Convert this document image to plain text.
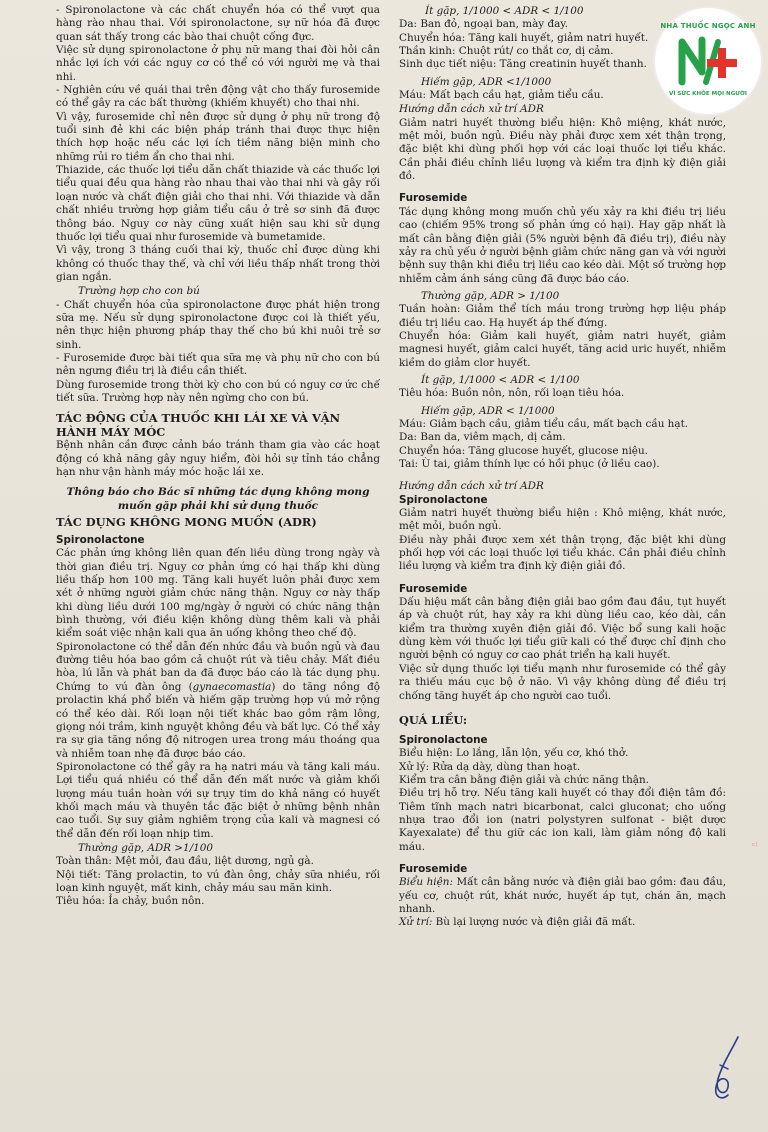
- Spironolactone và các chất chuyển hóa có thể vượt qua hàng rào nhau thai. Với spironolactone, sự nữ hóa đã được quan sát thấy trong các bào thai chuột cống đực.

Việc sử dụng spironolactone ở phụ nữ mang thai đòi hỏi cân nhắc lợi ích với các nguy cơ có thể có với người mẹ và thai nhi.

- Nghiên cứu về quái thai trên động vật cho thấy furosemide có thể gây ra các bất thường (khiếm khuyết) cho thai nhi.

Vì vậy, furosemide chỉ nên được sử dụng ở phụ nữ trong độ tuổi sinh đẻ khi các biện pháp tránh thai được thực hiện thích hợp hoặc nếu các lợi ích tiềm năng biện minh cho những rủi ro tiềm ẩn cho thai nhi.

Thiazide, các thuốc lợi tiểu dẫn chất thiazide và các thuốc lợi tiểu quai đều qua hàng rào nhau thai vào thai nhi và gây rối loạn nước và chất điện giải cho thai nhi. Với thiazide và dẫn chất nhiều trường hợp giảm tiểu cầu ở trẻ sơ sinh đã được thông báo. Nguy cơ này cũng xuất hiện sau khi sử dụng thuốc lợi tiểu quai như furosemide và bumetamide.

Vì vậy, trong 3 tháng cuối thai kỳ, thuốc chỉ được dùng khi không có thuốc thay thế, và chỉ với liều thấp nhất trong thời gian ngắn.

Trường hợp cho con bú

- Chất chuyển hóa của spironolactone được phát hiện trong sữa mẹ. Nếu sử dụng spironolactone được coi là thiết yếu, nên thực hiện phương pháp thay thế cho bú khi nuôi trẻ sơ sinh.

- Furosemide được bài tiết qua sữa mẹ và phụ nữ cho con bú nên ngưng điều trị là điều cần thiết.

Dùng furosemide trong thời kỳ cho con bú có nguy cơ ức chế tiết sữa. Trường hợp này nên ngừng cho con bú.

TÁC ĐỘNG CỦA THUỐC KHI LÁI XE VÀ VẬN HÀNH MÁY MÓC

Bệnh nhân cần được cảnh báo tránh tham gia vào các hoạt động có khả năng gây nguy hiểm, đòi hỏi sự tỉnh táo chẳng hạn như vận hành máy móc hoặc lái xe.

Thông báo cho Bác sĩ những tác dụng không mong muốn gặp phải khi sử dụng thuốc

TÁC DỤNG KHÔNG MONG MUỐN (ADR)

Spironolactone

Các phản ứng không liên quan đến liều dùng trong ngày và thời gian điều trị. Nguy cơ phản ứng có hại thấp khi dùng liều thấp hơn 100 mg. Tăng kali huyết luôn phải được xem xét ở những người giảm chức năng thận. Nguy cơ này thấp khi dùng liều dưới 100 mg/ngày ở người có chức năng thận bình thường, với điều kiện không dùng thêm kali và phải kiểm soát việc nhận kali qua ăn uống không theo chế độ.

Spironolactone có thể dẫn đến nhức đầu và buồn ngủ và đau đường tiêu hóa bao gồm cả chuột rút và tiêu chảy. Mất điều hòa, lú lẫn và phát ban da đã được báo cáo là tác dụng phụ. Chứng to vú đàn ông (gynaecomastia) do tăng nồng độ prolactin khá phổ biến và hiếm gặp trường hợp vú mở rộng có thể kéo dài. Rối loạn nội tiết khác bao gồm rậm lông, giọng nói trầm, kinh nguyệt không đều và bất lực. Có thể xảy ra sự gia tăng nồng độ nitrogen urea trong máu thoáng qua và nhiễm toan nhẹ đã được báo cáo.

Spironolactone có thể gây ra hạ natri máu và tăng kali máu. Lợi tiểu quá nhiều có thể dẫn đến mất nước và giảm khối lượng máu tuần hoàn với sự trụy tim do khả năng có huyết khối mạch máu và thuyên tắc đặc biệt ở những bệnh nhân cao tuổi. Sự suy giảm nghiêm trọng của kali và magnesi có thể dẫn đến rối loạn nhịp tim.

Thường gặp, ADR >1/100

Toàn thân: Mệt mỏi, đau đầu, liệt dương, ngủ gà.

Nội tiết: Tăng prolactin, to vú đàn ông, chảy sữa nhiều, rối loạn kinh nguyệt, mất kinh, chảy máu sau mãn kinh.

Tiêu hóa: Ỉa chảy, buồn nôn.

Ít gặp, 1/1000 < ADR < 1/100

Da: Ban đỏ, ngoại ban, mày đay.

Chuyển hóa: Tăng kali huyết, giảm natri huyết.

Thần kinh: Chuột rút/ co thắt cơ, dị cảm.

Sinh dục tiết niệu: Tăng creatinin huyết thanh.

Hiếm gặp, ADR <1/1000

Máu: Mất bạch cầu hạt, giảm tiểu cầu.

Hướng dẫn cách xử trí ADR

Giảm natri huyết thường biểu hiện: Khô miệng, khát nước, mệt mỏi, buồn ngủ. Điều này phải được xem xét thận trọng, đặc biệt khi dùng phối hợp với các loại thuốc lợi tiểu khác. Cần phải điều chỉnh liều lượng và kiểm tra định kỳ điện giải đồ.

Furosemide

Tác dụng không mong muốn chủ yếu xảy ra khi điều trị liều cao (chiếm 95% trong số phản ứng có hại). Hay gặp nhất là mất cân bằng điện giải (5% người bệnh đã điều trị), điều này xảy ra chủ yếu ở người bệnh giảm chức năng gan và với người bệnh suy thận khi điều trị liều cao kéo dài. Một số trường hợp nhiễm cảm ánh sáng cũng đã được báo cáo.

Thường gặp, ADR > 1/100

Tuần hoàn: Giảm thể tích máu trong trường hợp liệu pháp điều trị liều cao. Hạ huyết áp thế đứng.

Chuyển hóa: Giảm kali huyết, giảm natri huyết, giảm magnesi huyết, giảm calci huyết, tăng acid uric huyết, nhiễm kiềm do giảm clor huyết.

Ít gặp, 1/1000 < ADR < 1/100

Tiêu hóa: Buồn nôn, nôn, rối loạn tiêu hóa.

Hiếm gặp, ADR < 1/1000

Máu: Giảm bạch cầu, giảm tiểu cầu, mất bạch cầu hạt.

Da: Ban da, viêm mạch, dị cảm.

Chuyển hóa: Tăng glucose huyết, glucose niệu.

Tai: Ù tai, giảm thính lực có hồi phục (ở liều cao).

Hướng dẫn cách xử trí ADR

Spironolactone

Giảm natri huyết thường biểu hiện : Khô miệng, khát nước, mệt mỏi, buồn ngủ.

Điều này phải được xem xét thận trọng, đặc biệt khi dùng phối hợp với các loại thuốc lợi tiểu khác. Cần phải điều chỉnh liều lượng và kiểm tra định kỳ điện giải đồ.

Furosemide

Dấu hiệu mất cân bằng điện giải bao gồm đau đầu, tụt huyết áp và chuột rút, hay xảy ra khi dùng liều cao, kéo dài, cần kiểm tra thường xuyên điện giải đồ. Việc bổ sung kali hoặc dùng kèm với thuốc lợi tiểu giữ kali có thể được chỉ định cho người bệnh có nguy cơ cao phát triển hạ kali huyết.

Việc sử dụng thuốc lợi tiểu mạnh như furosemide có thể gây ra thiếu máu cục bộ ở não. Vì vậy không dùng để điều trị chống tăng huyết áp cho người cao tuổi.

QUÁ LIỀU:

Spironolactone

Biểu hiện: Lo lắng, lẫn lộn, yếu cơ, khó thở.

Xử lý: Rửa dạ dày, dùng than hoạt.

Kiểm tra cân bằng điện giải và chức năng thận.

Điều trị hỗ trợ. Nếu tăng kali huyết có thay đổi điện tâm đồ: Tiêm tĩnh mạch natri bicarbonat, calci gluconat; cho uống nhựa trao đổi ion (natri polystyren sulfonat - biệt dược Kayexalate) để thu giữ các ion kali, làm giảm nồng độ kali máu.

Furosemide

Biểu hiện: Mất cân bằng nước và điện giải bao gồm: đau đầu, yếu cơ, chuột rút, khát nước, huyết áp tụt, chán ăn, mạch nhanh.

Xử trí: Bù lại lượng nước và điện giải đã mất.

NHÀ THUỐC NGỌC ANH
VÌ SỨC KHỎE MỌI NGƯỜI
ᶜ⁾
